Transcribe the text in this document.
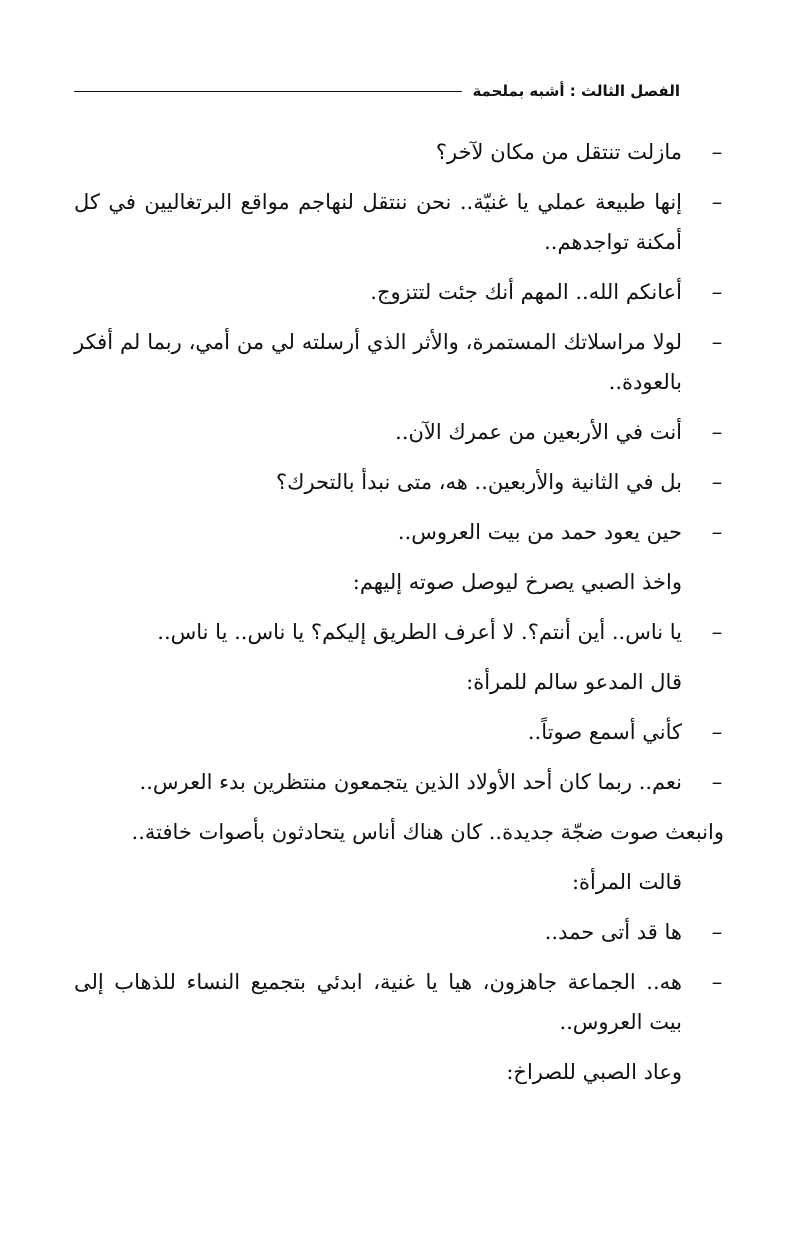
الفصل الثالث : أشبه بملحمة
–
مازلت تنتقل من مكان لآخر؟
–
إنها طبيعة عملي يا غنيّة.. نحن ننتقل لنهاجم مواقع البرتغاليين في كل أمكنة تواجدهم..
–
أعانكم الله.. المهم أنك جئت لتتزوج.
–
لولا مراسلاتك المستمرة، والأثر الذي أرسلته لي من أمي، ربما لم أفكر بالعودة..
–
أنت في الأربعين من عمرك الآن..
–
بل في الثانية والأربعين.. هه، متى نبدأ بالتحرك؟
–
حين يعود حمد من بيت العروس..
واخذ الصبي يصرخ ليوصل صوته إليهم:
–
يا ناس.. أين أنتم؟. لا أعرف الطريق إليكم؟ يا ناس.. يا ناس..
قال المدعو سالم للمرأة:
–
كأني أسمع صوتاً..
–
نعم.. ربما كان أحد الأولاد الذين يتجمعون منتظرين بدء العرس..
وانبعث صوت ضجّة جديدة.. كان هناك أناس يتحادثون بأصوات خافتة..
قالت المرأة:
–
ها قد أتى حمد..
–
هه.. الجماعة جاهزون، هيا يا غنية، ابدئي بتجميع النساء للذهاب إلى بيت العروس..
وعاد الصبي للصراخ:
